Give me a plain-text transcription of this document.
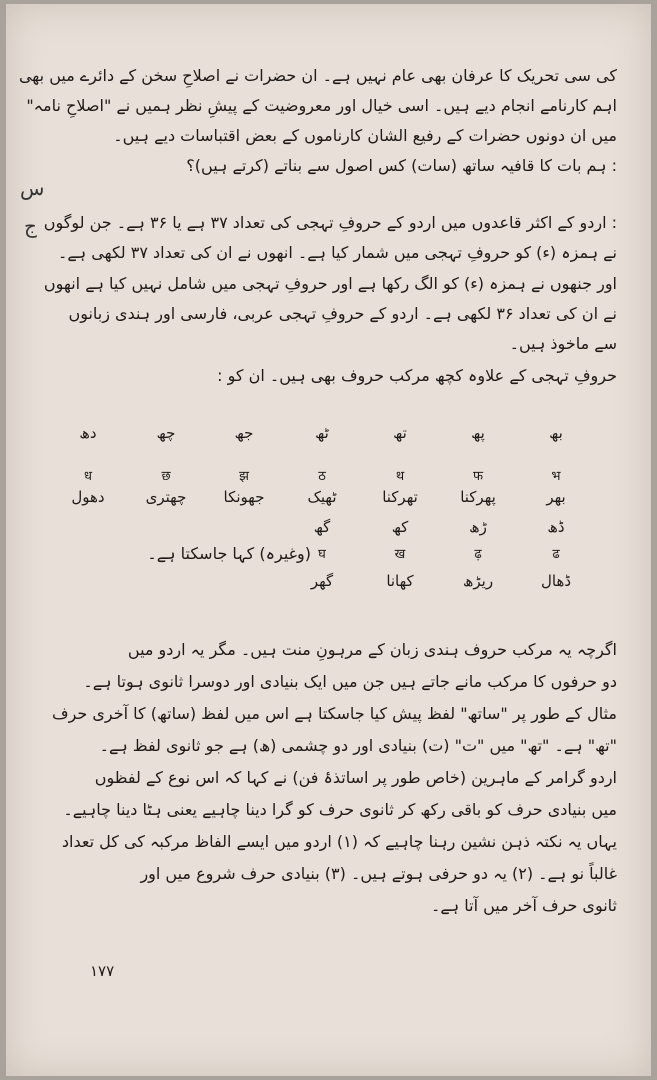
کی سی تحریک کا عرفان بھی عام نہیں ہے۔ ان حضرات نے اصلاحِ سخن کے دائرے میں بھی
اہم کارنامے انجام دیے ہیں۔ اسی خیال اور معروضیت کے پیشِ نظر ہمیں نے "اصلاحِ نامہ"
میں ان دونوں حضرات کے رفیع الشان کارناموں کے بعض اقتباسات دیے ہیں۔
: ہم بات کا قافیہ ساتھ (سات) کس اصول سے بناتے (کرتے ہیں)؟
: اردو کے اکثر قاعدوں میں اردو کے حروفِ تہجی کی تعداد ۳۷ ہے یا ۳۶ ہے۔ جن لوگوں
نے ہمزہ (ء) کو حروفِ تہجی میں شمار کیا ہے۔ انھوں نے ان کی تعداد ۳۷ لکھی ہے۔
اور جنھوں نے ہمزہ (ء) کو الگ رکھا ہے اور حروفِ تہجی میں شامل نہیں کیا ہے انھوں
نے ان کی تعداد ۳۶ لکھی ہے۔ اردو کے حروفِ تہجی عربی، فارسی اور ہندی زبانوں
سے ماخوذ ہیں۔
حروفِ تہجی کے علاوہ کچھ مرکب حروف بھی ہیں۔ ان کو :
س
ج
بھ
پھ
تھ
ٹھ
جھ
چھ
دھ
भ
फ
थ
ठ
झ
छ
ध
بھر
پھرکنا
تھرکنا
ٹھیک
جھونکا
چھتری
دھول
ڈھ
ڑھ
کھ
گھ
ढ
ढ़
ख
घ
ڈھال
ریڑھ
کھانا
گھر
(وغیرہ) کہا جاسکتا ہے۔
اگرچہ یہ مرکب حروف ہندی زبان کے مرہونِ منت ہیں۔ مگر یہ اردو میں
دو حرفوں کا مرکب مانے جاتے ہیں جن میں ایک بنیادی اور دوسرا ثانوی ہوتا ہے۔
مثال کے طور پر "ساتھ" لفظ پیش کیا جاسکتا ہے اس میں لفظ (ساتھ) کا آخری حرف
"تھ" ہے۔ "تھ" میں "ت" (ت) بنیادی اور دو چشمی (ھ) ہے جو ثانوی لفظ ہے۔
اردو گرامر کے ماہرین (خاص طور پر اساتذۂ فن) نے کہا کہ اس نوع کے لفظوں
میں بنیادی حرف کو باقی رکھ کر ثانوی حرف کو گرا دینا چاہیے یعنی ہٹا دینا چاہیے۔
یہاں یہ نکتہ ذہن نشین رہنا چاہیے کہ (۱) اردو میں ایسے الفاظ مرکبہ کی کل تعداد
غالباً نو ہے۔ (۲) یہ دو حرفی ہوتے ہیں۔ (۳) بنیادی حرف شروع میں اور
ثانوی حرف آخر میں آتا ہے۔
۱۷۷
